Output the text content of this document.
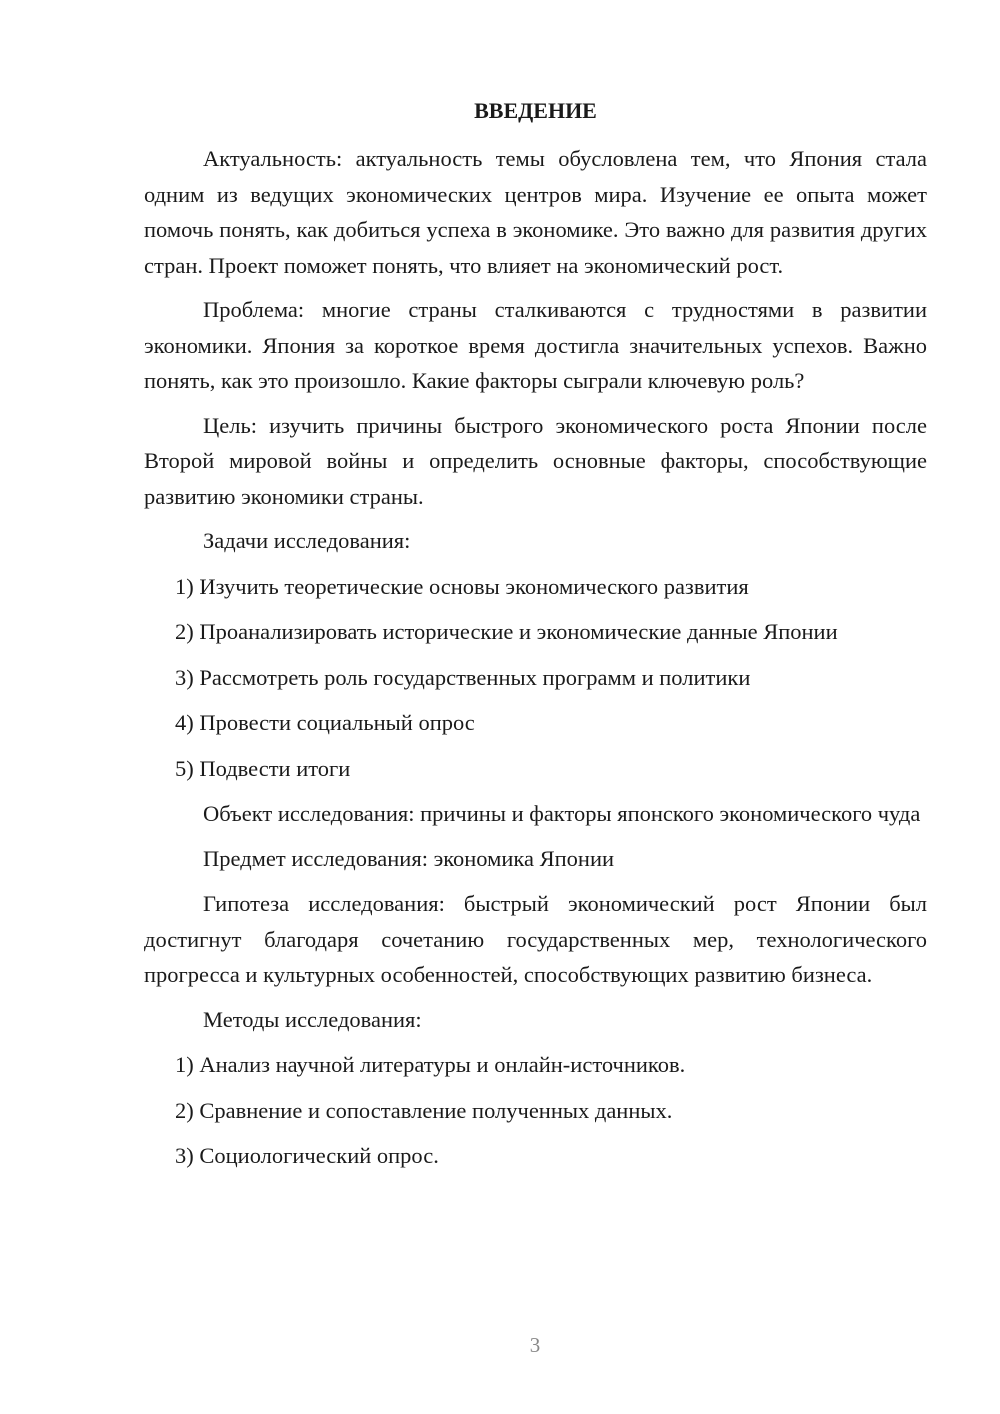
ВВЕДЕНИЕ
Актуальность: актуальность темы обусловлена тем, что Япония стала одним из ведущих экономических центров мира. Изучение ее опыта может помочь понять, как добиться успеха в экономике. Это важно для развития других стран. Проект поможет понять, что влияет на экономический рост.
Проблема: многие страны сталкиваются с трудностями в развитии экономики. Япония за короткое время достигла значительных успехов. Важно понять, как это произошло. Какие факторы сыграли ключевую роль?
Цель: изучить причины быстрого экономического роста Японии после Второй мировой войны и определить основные факторы, способствующие развитию экономики страны.
Задачи исследования:
1) Изучить теоретические основы экономического развития
2) Проанализировать исторические и экономические данные Японии
3) Рассмотреть роль государственных программ и политики
4) Провести социальный опрос
5) Подвести итоги
Объект исследования: причины и факторы японского экономического чуда
Предмет исследования: экономика Японии
Гипотеза исследования: быстрый экономический рост Японии был достигнут благодаря сочетанию государственных мер, технологического прогресса и культурных особенностей, способствующих развитию бизнеса.
Методы исследования:
1) Анализ научной литературы и онлайн-источников.
2) Сравнение и сопоставление полученных данных.
3) Социологический опрос.
3
